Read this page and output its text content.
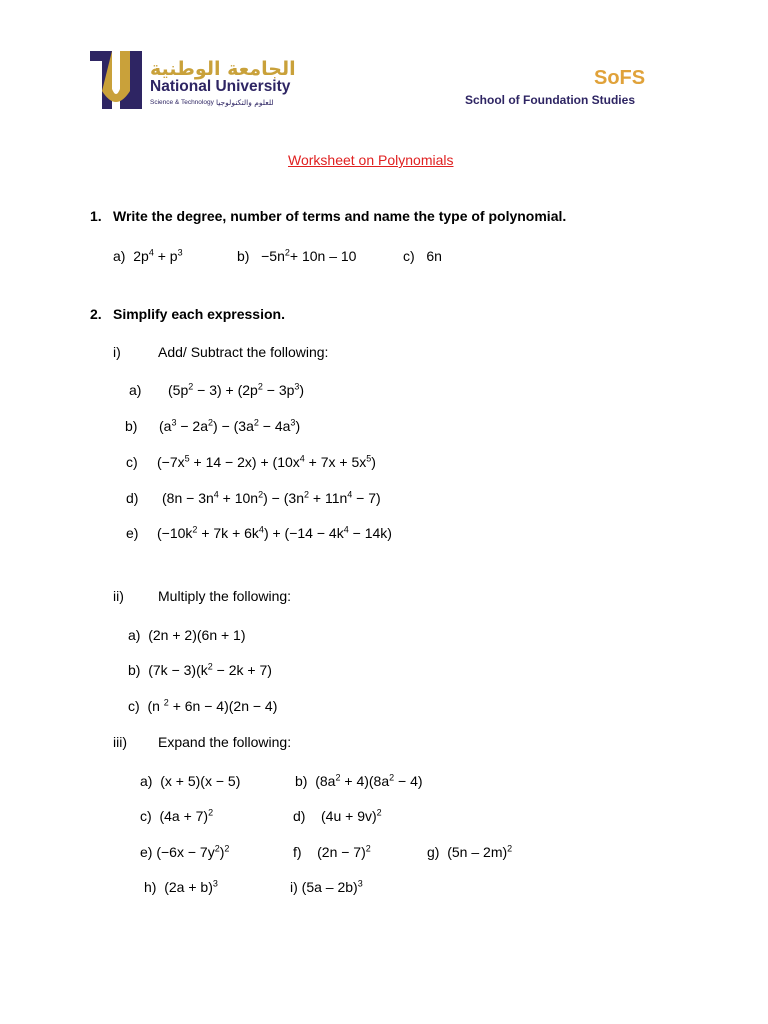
الجامعة الوطنية
National University
Science & Technology للعلوم والتكنولوجيا
SoFS
School of Foundation Studies
Worksheet on Polynomials
1. Write the degree, number of terms and name the type of polynomial.
a)  $2p^4 + p^3$	$b) -5n^2+ 10n - 10$	c)   6n
2. Simplify each expression.
i)	Add/ Subtract the following:
a) $(5p^2 - 3) + (2p^2 - 3p^3)$
b) $(a^3 - 2a^2) - (3a^2 - 4a^3)$
c) $(-7x^5 + 14 - 2x) + (10x^4 + 7x + 5x^5)$
d) $(8n - 3n^4 + 10n^2) - (3n^2 + 11n^4 - 7)$
e) $(-10k^2 + 7k + 6k^4) + (-14 - 4k^4 - 14k)$
ii) Multiply the following:
a)  (2n + 2)(6n + 1)
b)  $(7k - 3)(k^2 - 2k + 7)$
c)  (n $^2$ + 6n − 4)(2n − 4)
iii) Expand the following:
a)  (x + 5)(x − 5)	b)  $(8a^2 + 4)(8a^2 - 4)$
c)  $(4a + 7)^2$	d)    $(4u + 9v)^2$
e) $(-6x - 7y^2)^2$	f)    $(2n - 7)^2$	g)  (5n – 2m)$^2$
h)  $(2a + b)^3$	i) (5a – 2b)$^3$
